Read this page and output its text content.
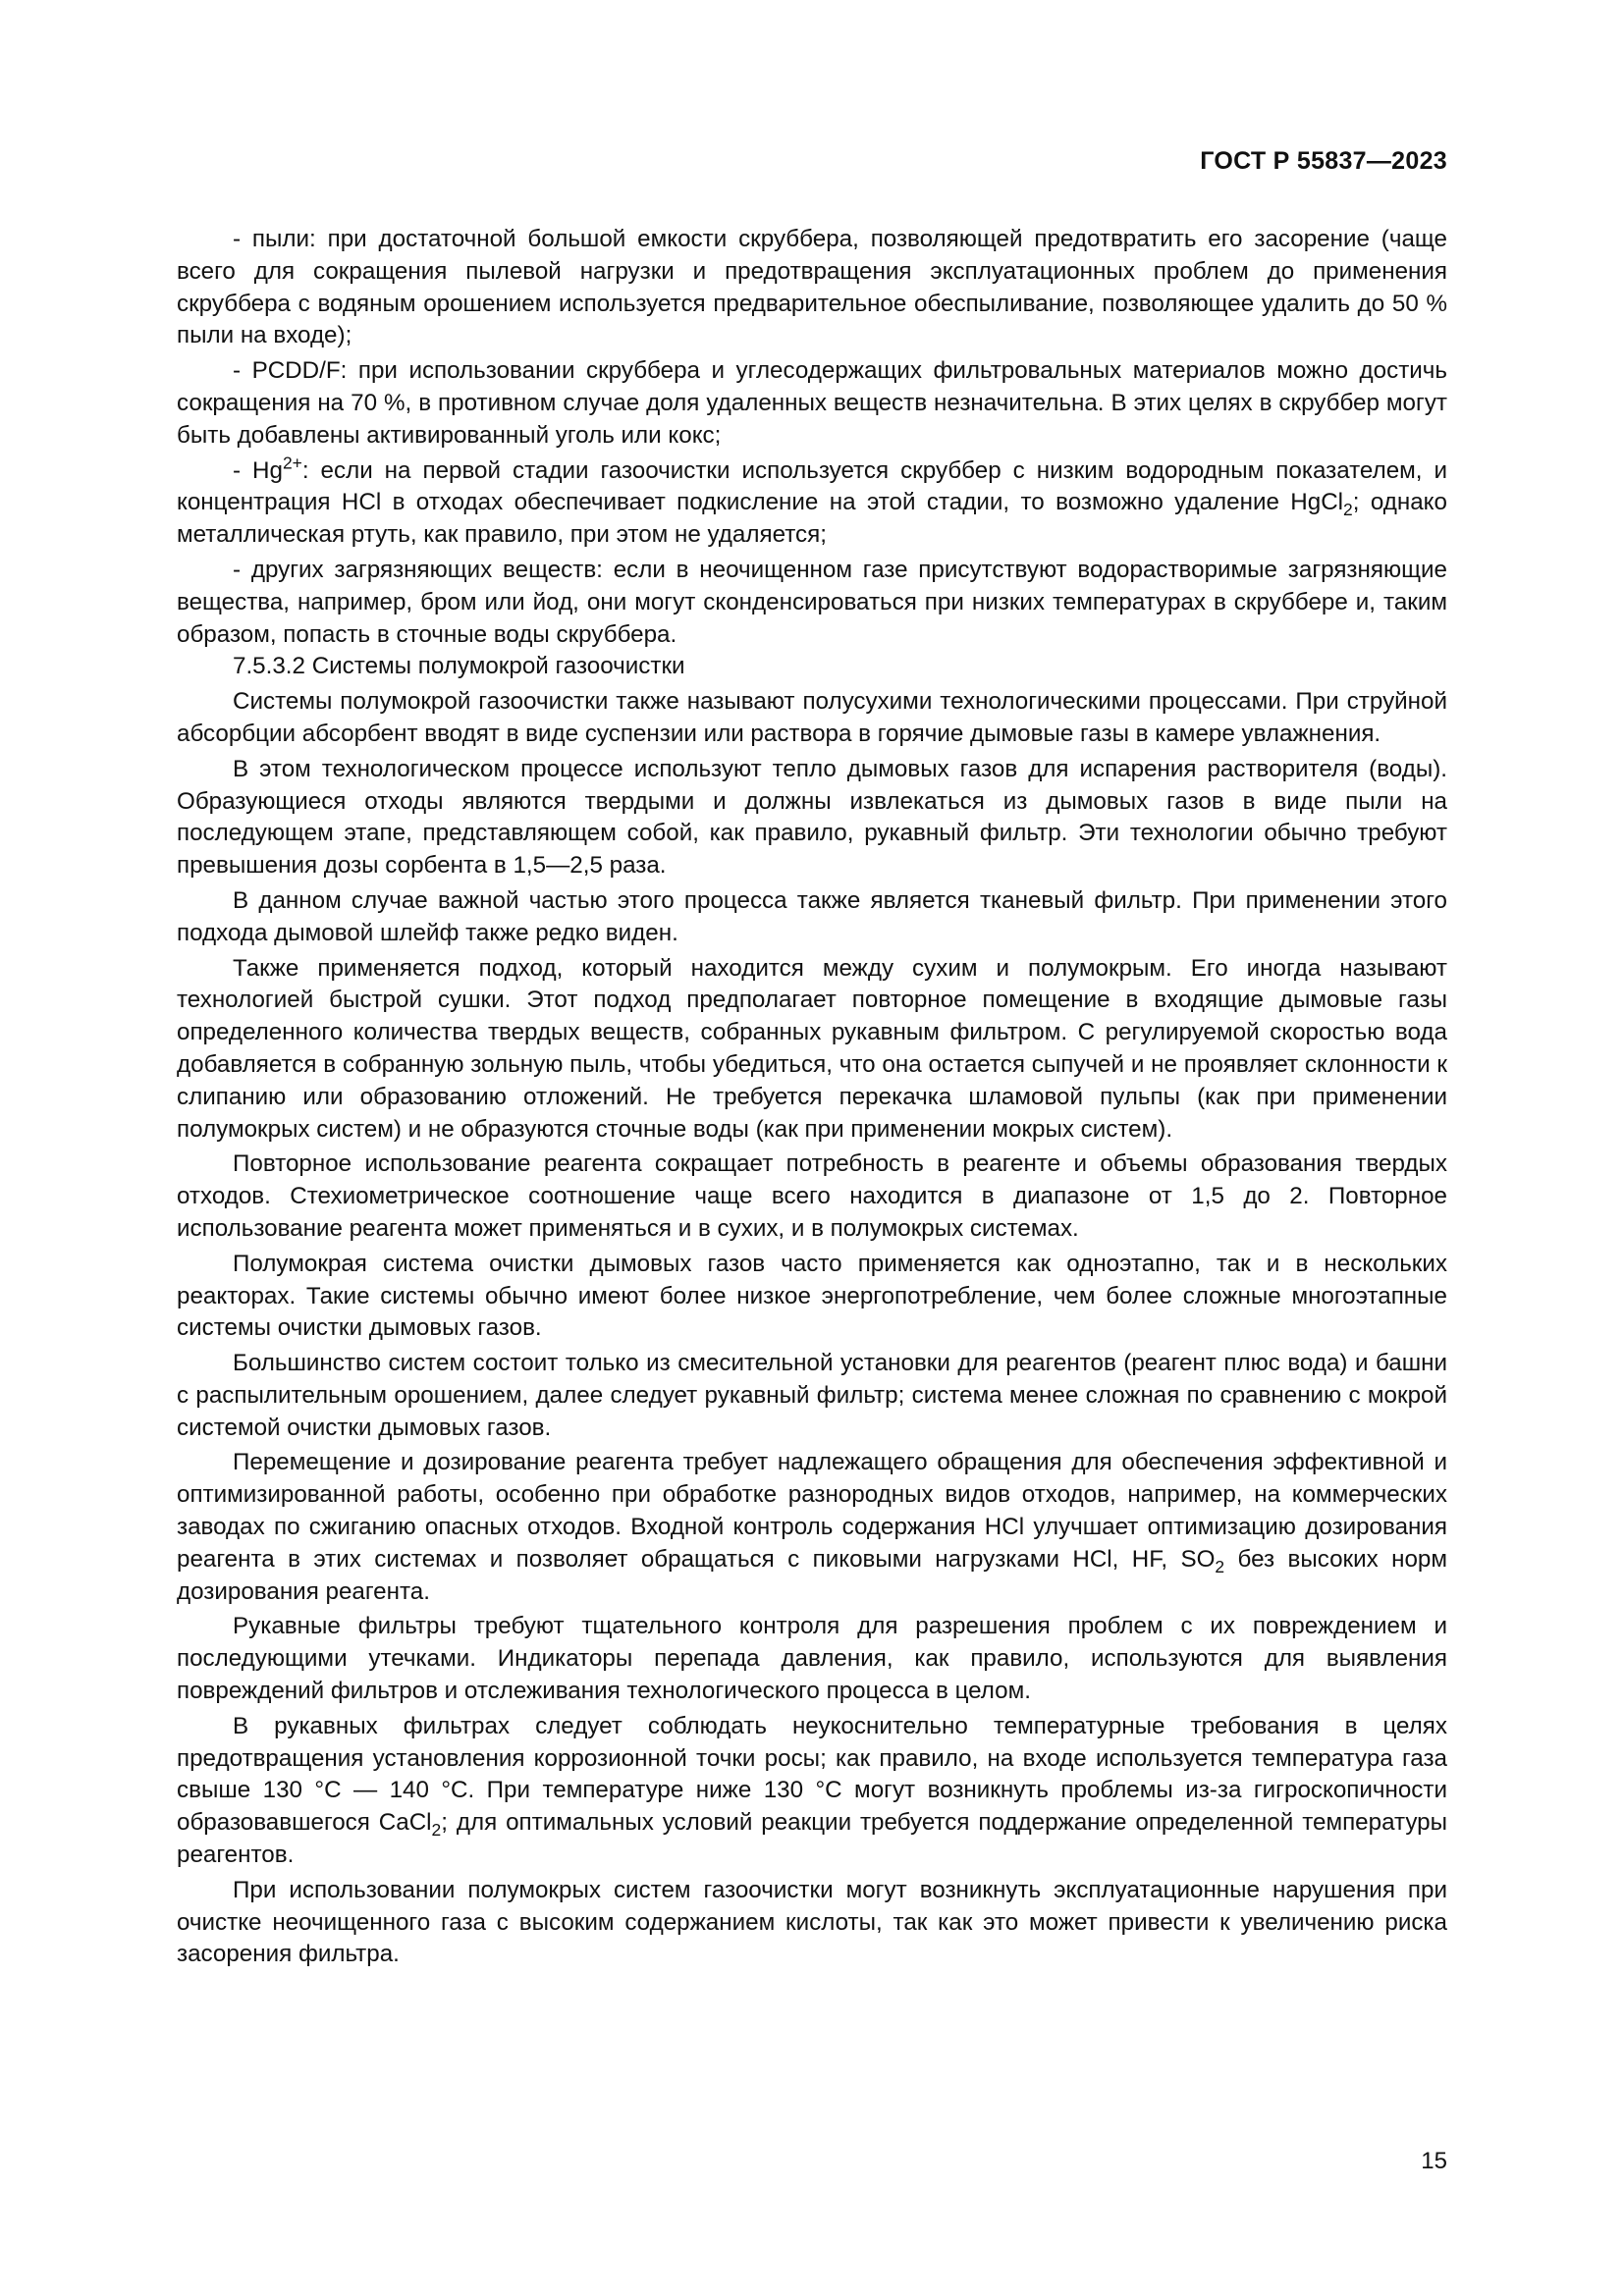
ГОСТ Р 55837—2023

- пыли: при достаточной большой емкости скруббера, позволяющей предотвратить его засорение (чаще всего для сокращения пылевой нагрузки и предотвращения эксплуатационных проблем до применения скруббера с водяным орошением используется предварительное обеспыливание, позволяющее удалить до 50 % пыли на входе);

- PCDD/F: при использовании скруббера и углесодержащих фильтровальных материалов можно достичь сокращения на 70 %, в противном случае доля удаленных веществ незначительна. В этих целях в скруббер могут быть добавлены активированный уголь или кокс;

- $Hg^{2+}$: если на первой стадии газоочистки используется скруббер с низким водородным показателем, и концентрация HCl в отходах обеспечивает подкисление на этой стадии, то возможно удаление HgCl$_2$; однако металлическая ртуть, как правило, при этом не удаляется;

- других загрязняющих веществ: если в неочищенном газе присутствуют водорастворимые загрязняющие вещества, например, бром или йод, они могут сконденсироваться при низких температурах в скруббере и, таким образом, попасть в сточные воды скруббера.

7.5.3.2 Системы полумокрой газоочистки

Системы полумокрой газоочистки также называют полусухими технологическими процессами. При струйной абсорбции абсорбент вводят в виде суспензии или раствора в горячие дымовые газы в камере увлажнения.

В этом технологическом процессе используют тепло дымовых газов для испарения растворителя (воды). Образующиеся отходы являются твердыми и должны извлекаться из дымовых газов в виде пыли на последующем этапе, представляющем собой, как правило, рукавный фильтр. Эти технологии обычно требуют превышения дозы сорбента в 1,5—2,5 раза.

В данном случае важной частью этого процесса также является тканевый фильтр. При применении этого подхода дымовой шлейф также редко виден.

Также применяется подход, который находится между сухим и полумокрым. Его иногда называют технологией быстрой сушки. Этот подход предполагает повторное помещение в входящие дымовые газы определенного количества твердых веществ, собранных рукавным фильтром. С регулируемой скоростью вода добавляется в собранную зольную пыль, чтобы убедиться, что она остается сыпучей и не проявляет склонности к слипанию или образованию отложений. Не требуется перекачка шламовой пульпы (как при применении полумокрых систем) и не образуются сточные воды (как при применении мокрых систем).

Повторное использование реагента сокращает потребность в реагенте и объемы образования твердых отходов. Стехиометрическое соотношение чаще всего находится в диапазоне от 1,5 до 2. Повторное использование реагента может применяться и в сухих, и в полумокрых системах.

Полумокрая система очистки дымовых газов часто применяется как одноэтапно, так и в нескольких реакторах. Такие системы обычно имеют более низкое энергопотребление, чем более сложные многоэтапные системы очистки дымовых газов.

Большинство систем состоит только из смесительной установки для реагентов (реагент плюс вода) и башни с распылительным орошением, далее следует рукавный фильтр; система менее сложная по сравнению с мокрой системой очистки дымовых газов.

Перемещение и дозирование реагента требует надлежащего обращения для обеспечения эффективной и оптимизированной работы, особенно при обработке разнородных видов отходов, например, на коммерческих заводах по сжиганию опасных отходов. Входной контроль содержания HCl улучшает оптимизацию дозирования реагента в этих системах и позволяет обращаться с пиковыми нагрузками HCl, HF, $SO_2$ без высоких норм дозирования реагента.

Рукавные фильтры требуют тщательного контроля для разрешения проблем с их повреждением и последующими утечками. Индикаторы перепада давления, как правило, используются для выявления повреждений фильтров и отслеживания технологического процесса в целом.

В рукавных фильтрах следует соблюдать неукоснительно температурные требования в целях предотвращения установления коррозионной точки росы; как правило, на входе используется температура газа свыше 130 °C — 140 °C. При температуре ниже 130 °C могут возникнуть проблемы из-за гигроскопичности образовавшегося CaCl$_2$; для оптимальных условий реакции требуется поддержание определенной температуры реагентов.

При использовании полумокрых систем газоочистки могут возникнуть эксплуатационные нарушения при очистке неочищенного газа с высоким содержанием кислоты, так как это может привести к увеличению риска засорения фильтра.

15
